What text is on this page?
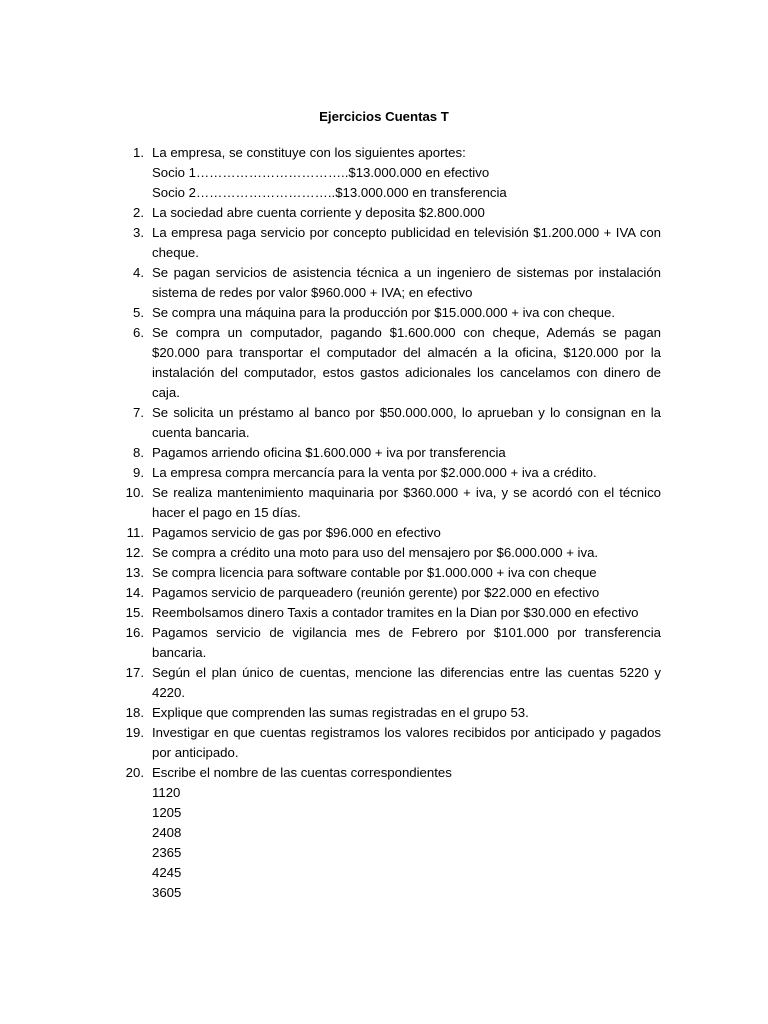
Ejercicios Cuentas T
1. La empresa, se constituye con los siguientes aportes:
Socio 1……………………………..$13.000.000 en efectivo
Socio 2…………………………..$13.000.000 en transferencia
2. La sociedad abre cuenta corriente y deposita $2.800.000
3. La empresa paga servicio por concepto publicidad en televisión $1.200.000 + IVA con cheque.
4. Se pagan servicios de asistencia técnica a un ingeniero de sistemas por instalación sistema de redes por valor $960.000 + IVA; en efectivo
5. Se compra una máquina para la producción por $15.000.000 + iva con cheque.
6. Se compra un computador, pagando $1.600.000 con cheque, Además se pagan $20.000 para transportar el computador del almacén a la oficina, $120.000 por la instalación del computador, estos gastos adicionales los cancelamos con dinero de caja.
7. Se solicita un préstamo al banco por $50.000.000, lo aprueban y lo consignan en la cuenta bancaria.
8. Pagamos arriendo oficina $1.600.000 + iva por transferencia
9. La empresa compra mercancía para la venta por $2.000.000 + iva a crédito.
10. Se realiza mantenimiento maquinaria por $360.000 + iva, y se acordó con el técnico hacer el pago en 15 días.
11. Pagamos servicio de gas por $96.000 en efectivo
12. Se compra a crédito una moto para uso del mensajero por $6.000.000 + iva.
13. Se compra licencia para software contable por $1.000.000 + iva con cheque
14. Pagamos servicio de parqueadero (reunión gerente) por $22.000 en efectivo
15. Reembolsamos dinero Taxis a contador tramites en la Dian por $30.000 en efectivo
16. Pagamos servicio de vigilancia mes de Febrero por $101.000 por transferencia bancaria.
17. Según el plan único de cuentas, mencione las diferencias entre las cuentas 5220 y 4220.
18. Explique que comprenden las sumas registradas en el grupo 53.
19. Investigar en que cuentas registramos los valores recibidos por anticipado y pagados por anticipado.
20. Escribe el nombre de las cuentas correspondientes
1120
1205
2408
2365
4245
3605
